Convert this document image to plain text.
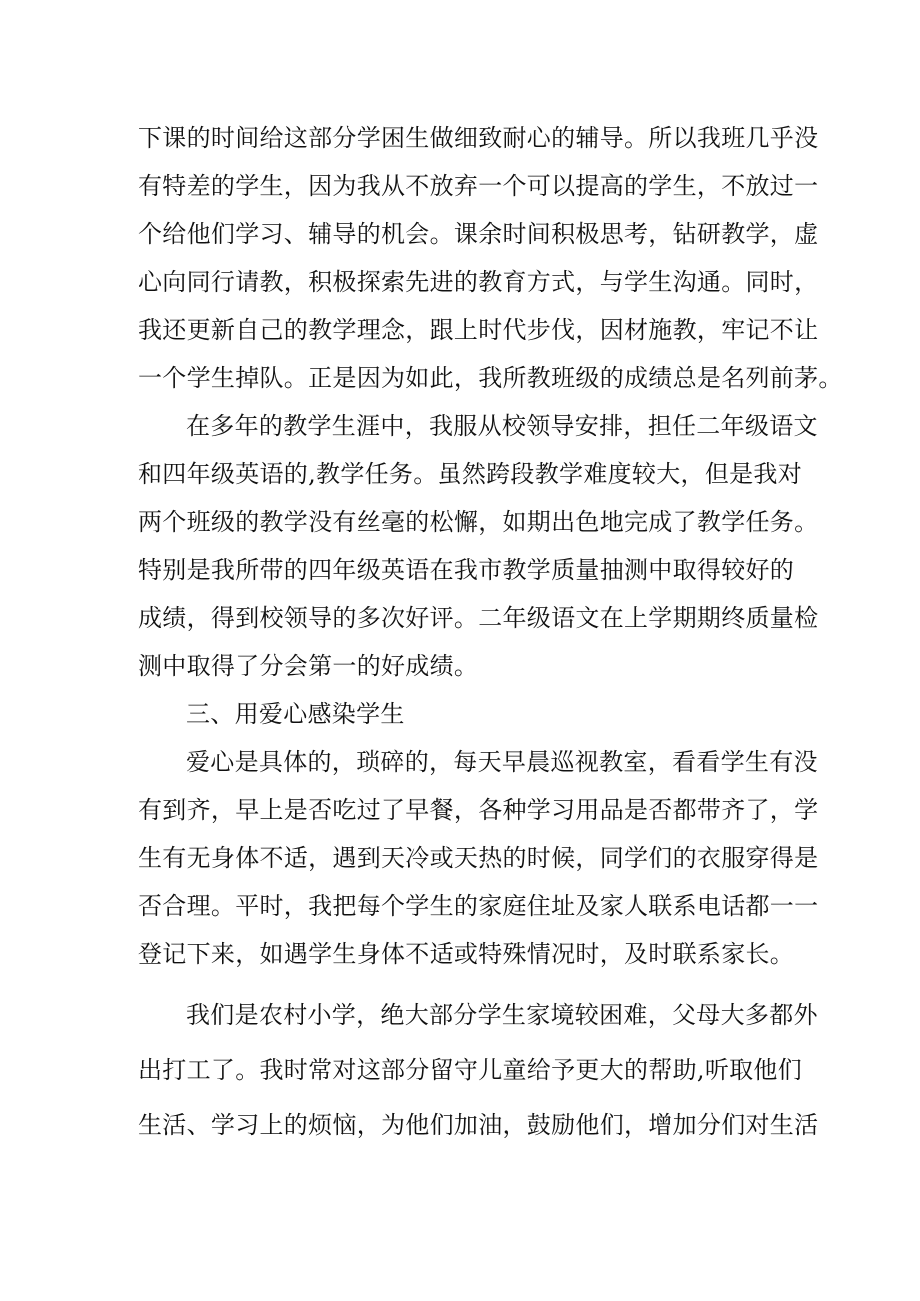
下课的时间给这部分学困生做细致耐心的辅导。所以我班几乎没
有特差的学生，因为我从不放弃一个可以提高的学生，不放过一
个给他们学习、辅导的机会。课余时间积极思考，钻研教学，虚
心向同行请教，积极探索先进的教育方式，与学生沟通。同时，
我还更新自己的教学理念，跟上时代步伐，因材施教，牢记不让
一个学生掉队。正是因为如此，我所教班级的成绩总是名列前茅。
在多年的教学生涯中，我服从校领导安排，担任二年级语文
和四年级英语的,教学任务。虽然跨段教学难度较大，但是我对
两个班级的教学没有丝毫的松懈，如期出色地完成了教学任务。
特别是我所带的四年级英语在我市教学质量抽测中取得较好的
成绩，得到校领导的多次好评。二年级语文在上学期期终质量检
测中取得了分会第一的好成绩。
三、用爱心感染学生
爱心是具体的，琐碎的，每天早晨巡视教室，看看学生有没
有到齐，早上是否吃过了早餐，各种学习用品是否都带齐了，学
生有无身体不适，遇到天冷或天热的时候，同学们的衣服穿得是
否合理。平时，我把每个学生的家庭住址及家人联系电话都一一
登记下来，如遇学生身体不适或特殊情况时，及时联系家长。
我们是农村小学，绝大部分学生家境较困难，父母大多都外
出打工了。我时常对这部分留守儿童给予更大的帮助,听取他们
生活、学习上的烦恼，为他们加油，鼓励他们，增加分们对生活
